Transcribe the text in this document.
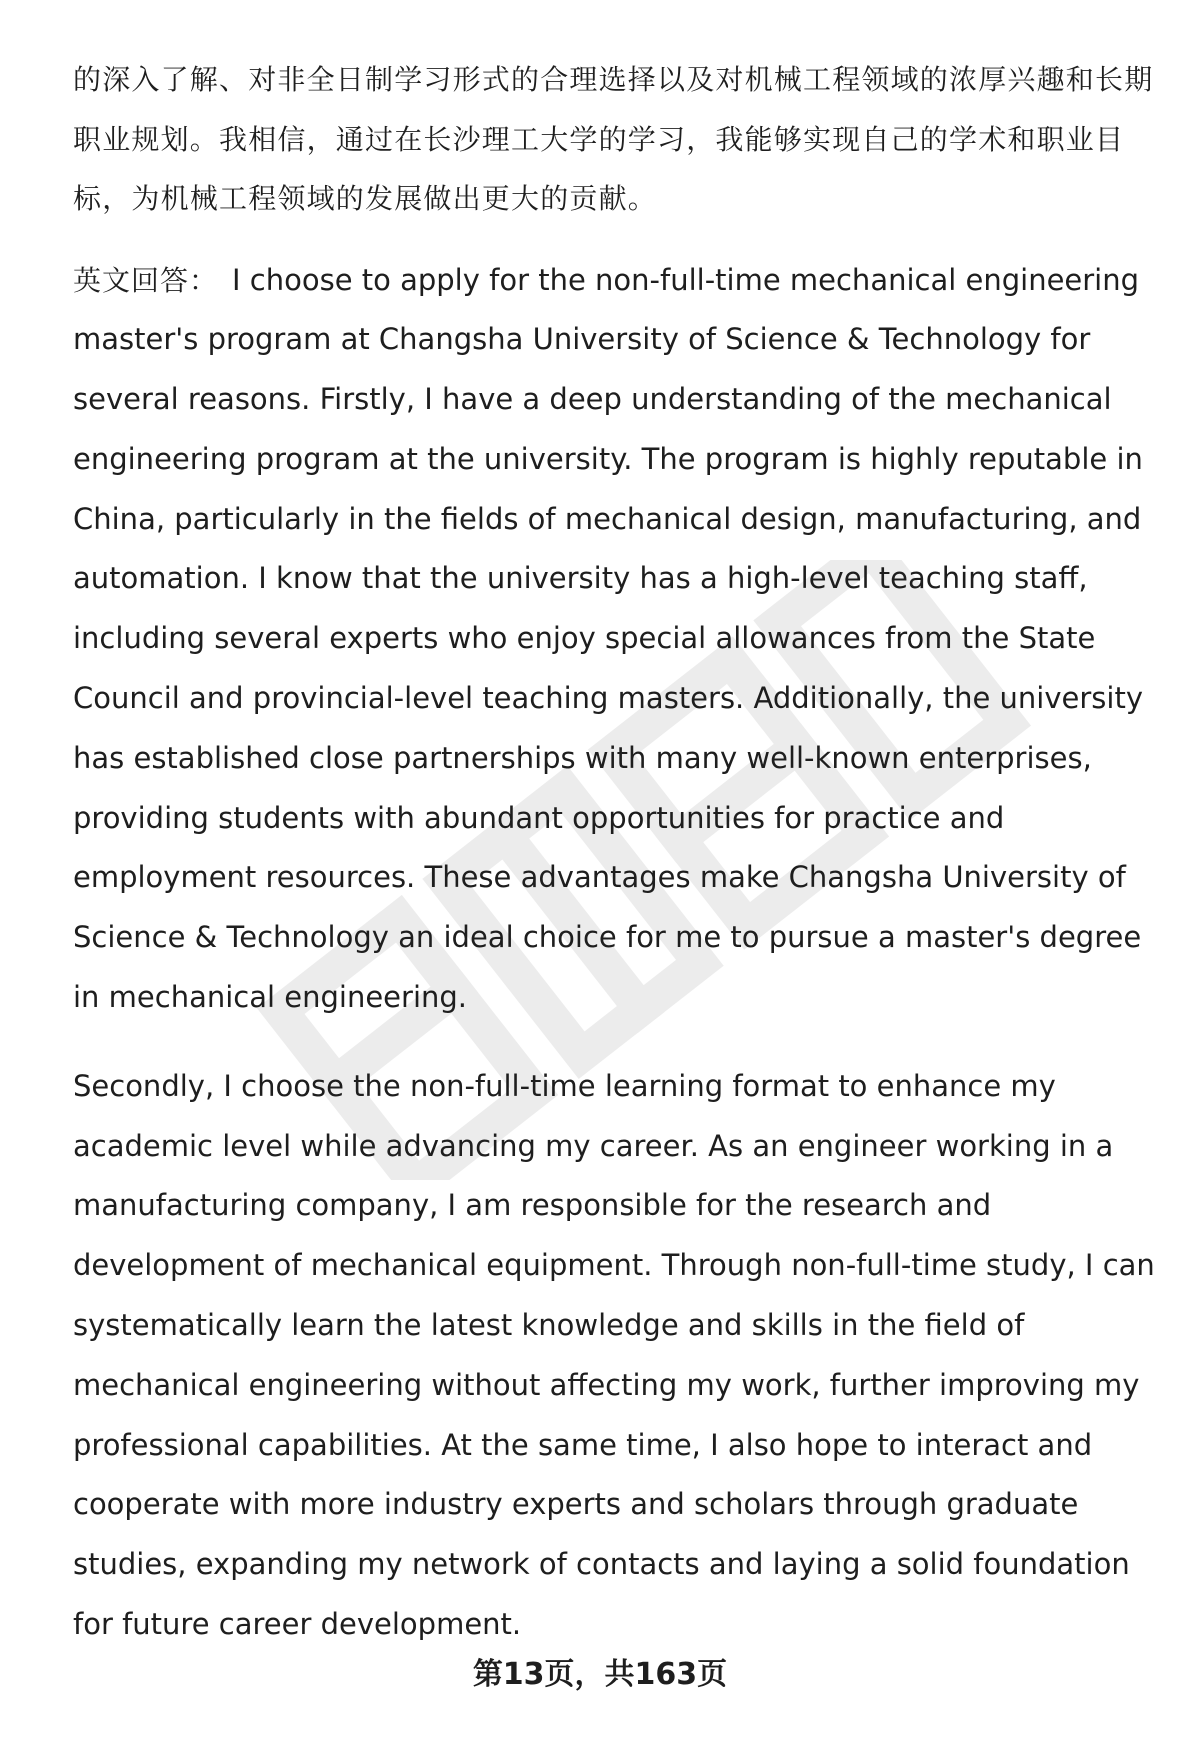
的深入了解、对非全日制学习形式的合理选择以及对机械工程领域的浓厚兴趣和长期职业规划。我相信，通过在长沙理工大学的学习，我能够实现自己的学术和职业目标，为机械工程领域的发展做出更大的贡献。

英文回答： I choose to apply for the non-full-time mechanical engineering master's program at Changsha University of Science & Technology for several reasons. Firstly, I have a deep understanding of the mechanical engineering program at the university. The program is highly reputable in China, particularly in the fields of mechanical design, manufacturing, and automation. I know that the university has a high-level teaching staff, including several experts who enjoy special allowances from the State Council and provincial-level teaching masters. Additionally, the university has established close partnerships with many well-known enterprises, providing students with abundant opportunities for practice and employment resources. These advantages make Changsha University of Science & Technology an ideal choice for me to pursue a master's degree in mechanical engineering.

Secondly, I choose the non-full-time learning format to enhance my academic level while advancing my career. As an engineer working in a manufacturing company, I am responsible for the research and development of mechanical equipment. Through non-full-time study, I can systematically learn the latest knowledge and skills in the field of mechanical engineering without affecting my work, further improving my professional capabilities. At the same time, I also hope to interact and cooperate with more industry experts and scholars through graduate studies, expanding my network of contacts and laying a solid foundation for future career development.

第13页，共163页
